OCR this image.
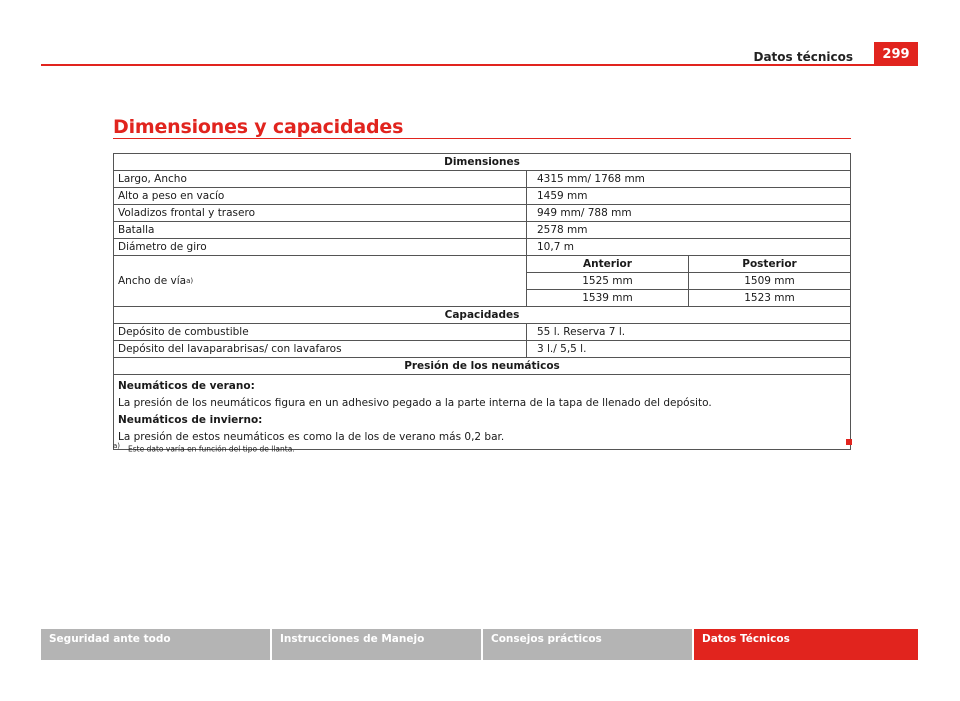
Datos técnicos	299
Dimensiones y capacidades
Dimensiones
Largo, Ancho	4315 mm/ 1768 mm
Alto a peso en vacío	1459 mm
Voladizos frontal y trasero	949 mm/ 788 mm
Batalla	2578 mm
Diámetro de giro	10,7 m
Ancho de vía a)
Anterior	Posterior
1525 mm	1509 mm
1539 mm	1523 mm
Capacidades
Depósito de combustible	55 l. Reserva 7 l.
Depósito del lavaparabrisas/ con lavafaros	3 l./ 5,5 l.
Presión de los neumáticos
Neumáticos de verano:
La presión de los neumáticos figura en un adhesivo pegado a la parte interna de la tapa de llenado del depósito.
Neumáticos de invierno:
La presión de estos neumáticos es como la de los de verano más 0,2 bar.
$^{a)}$ Este dato varía en función del tipo de llanta.
Seguridad ante todo	Instrucciones de Manejo	Consejos prácticos	Datos Técnicos
